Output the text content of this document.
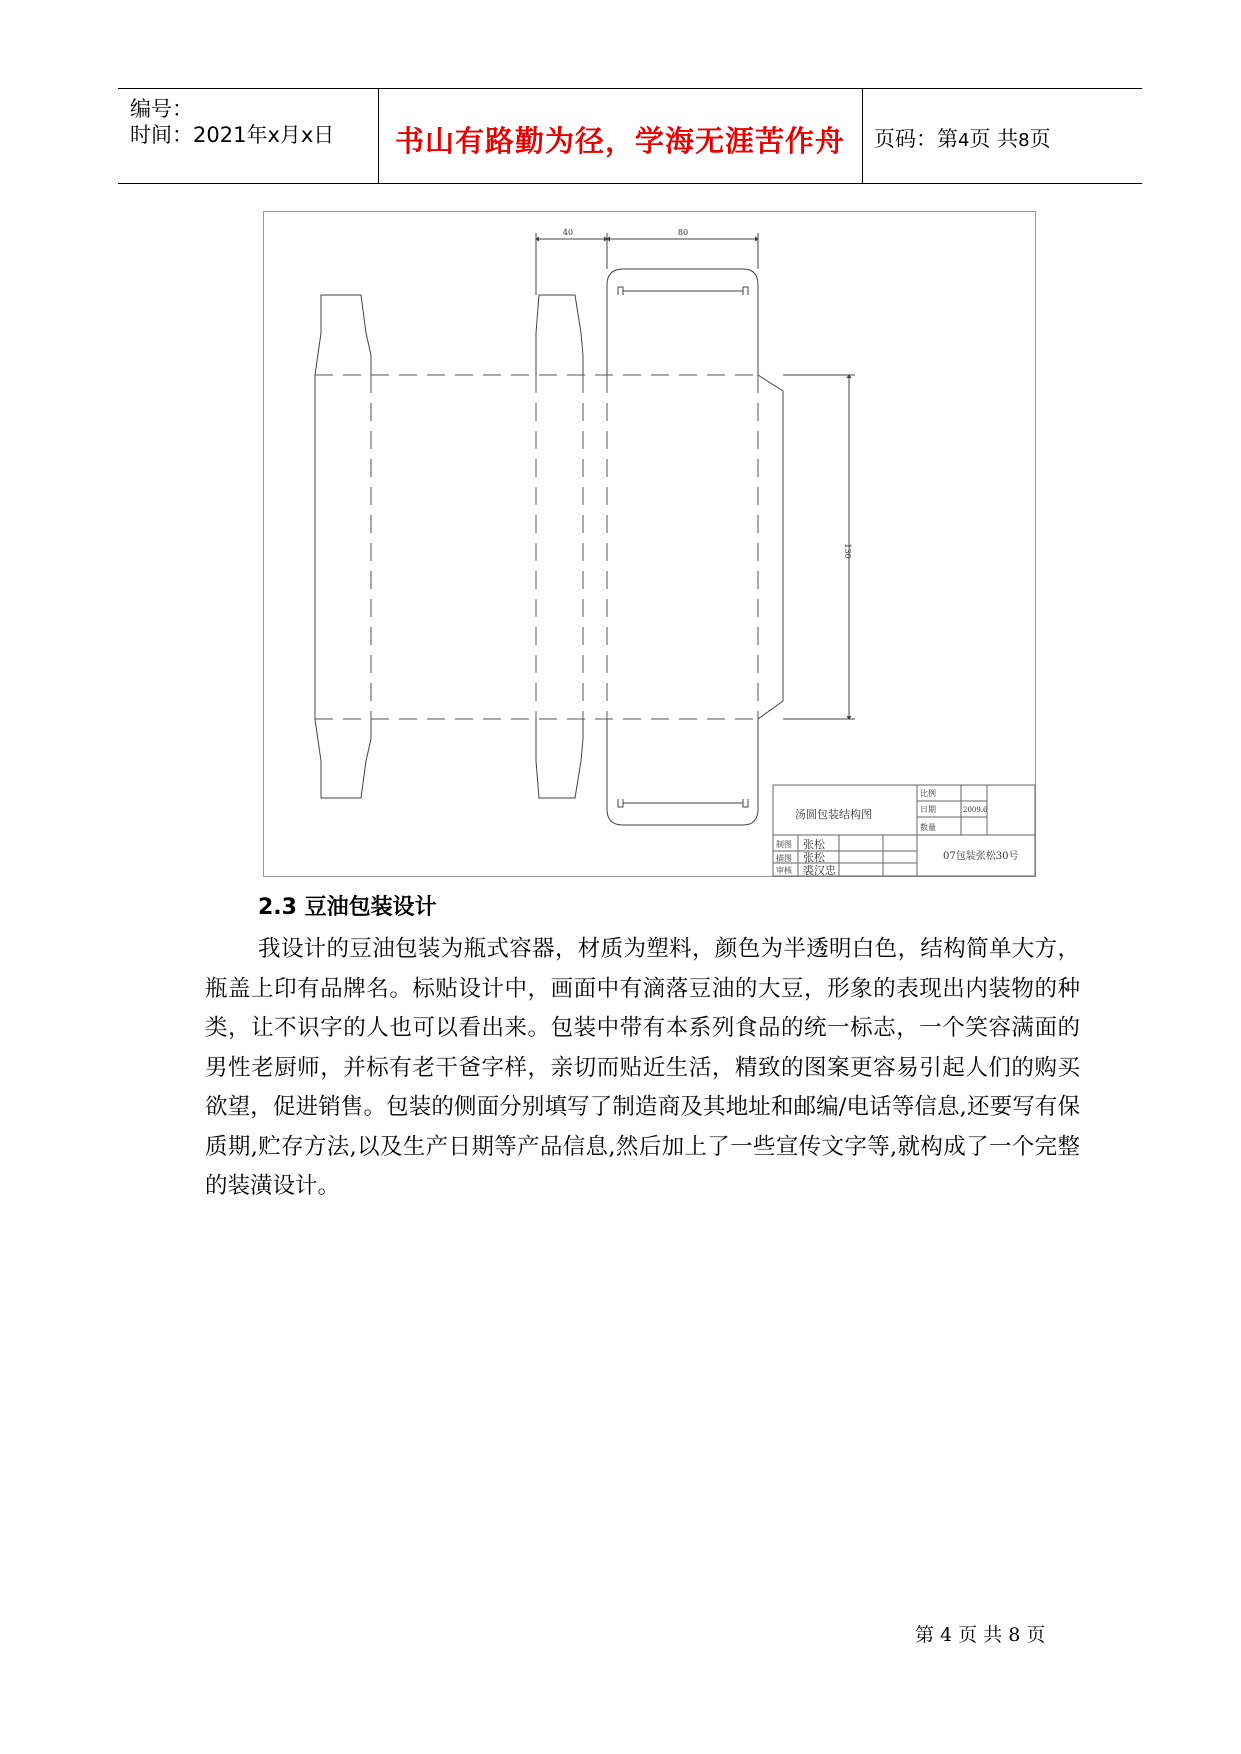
编号：
时间：2021年x月x日	书山有路勤为径，学海无涯苦作舟	页码：第4页 共8页
40	80
130
汤圆包装结构图
比例
日期	2009.6
数量
制图 张松
描图 张松
审核 裘汉忠
07包装张松30号
2.3 豆油包装设计

我设计的豆油包装为瓶式容器，材质为塑料，颜色为半透明白色，结构简单大方，瓶盖上印有品牌名。标贴设计中，画面中有滴落豆油的大豆，形象的表现出内装物的种类，让不识字的人也可以看出来。包装中带有本系列食品的统一标志，一个笑容满面的男性老厨师，并标有老干爸字样，亲切而贴近生活，精致的图案更容易引起人们的购买欲望，促进销售。包装的侧面分别填写了制造商及其地址和邮编/电话等信息,还要写有保质期,贮存方法,以及生产日期等产品信息,然后加上了一些宣传文字等,就构成了一个完整的装潢设计。

第 4 页 共 8 页
